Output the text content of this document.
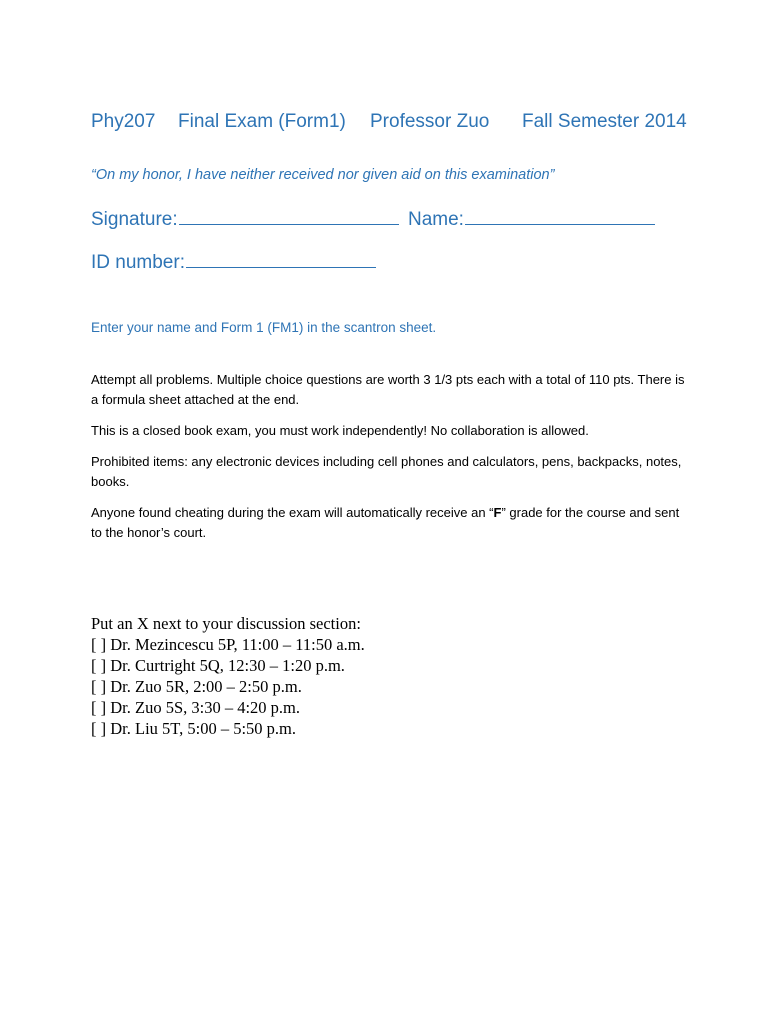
Phy207 Final Exam (Form1) Professor Zuo Fall Semester 2014
“On my honor, I have neither received nor given aid on this examination”
Signature:	Name:
ID number:
Enter your name and Form 1 (FM1) in the scantron sheet.
Attempt all problems. Multiple choice questions are worth 3 1/3 pts each with a total of 110 pts. There is a formula sheet attached at the end.
This is a closed book exam, you must work independently! No collaboration is allowed.
Prohibited items: any electronic devices including cell phones and calculators, pens, backpacks, notes, books.
Anyone found cheating during the exam will automatically receive an “F” grade for the course and sent to the honor’s court.
Put an X next to your discussion section:
[ ] Dr. Mezincescu 5P, 11:00 – 11:50 a.m.
[ ] Dr. Curtright 5Q, 12:30 – 1:20 p.m.
[ ] Dr. Zuo 5R, 2:00 – 2:50 p.m.
[ ] Dr. Zuo 5S, 3:30 – 4:20 p.m.
[ ] Dr. Liu 5T, 5:00 – 5:50 p.m.
